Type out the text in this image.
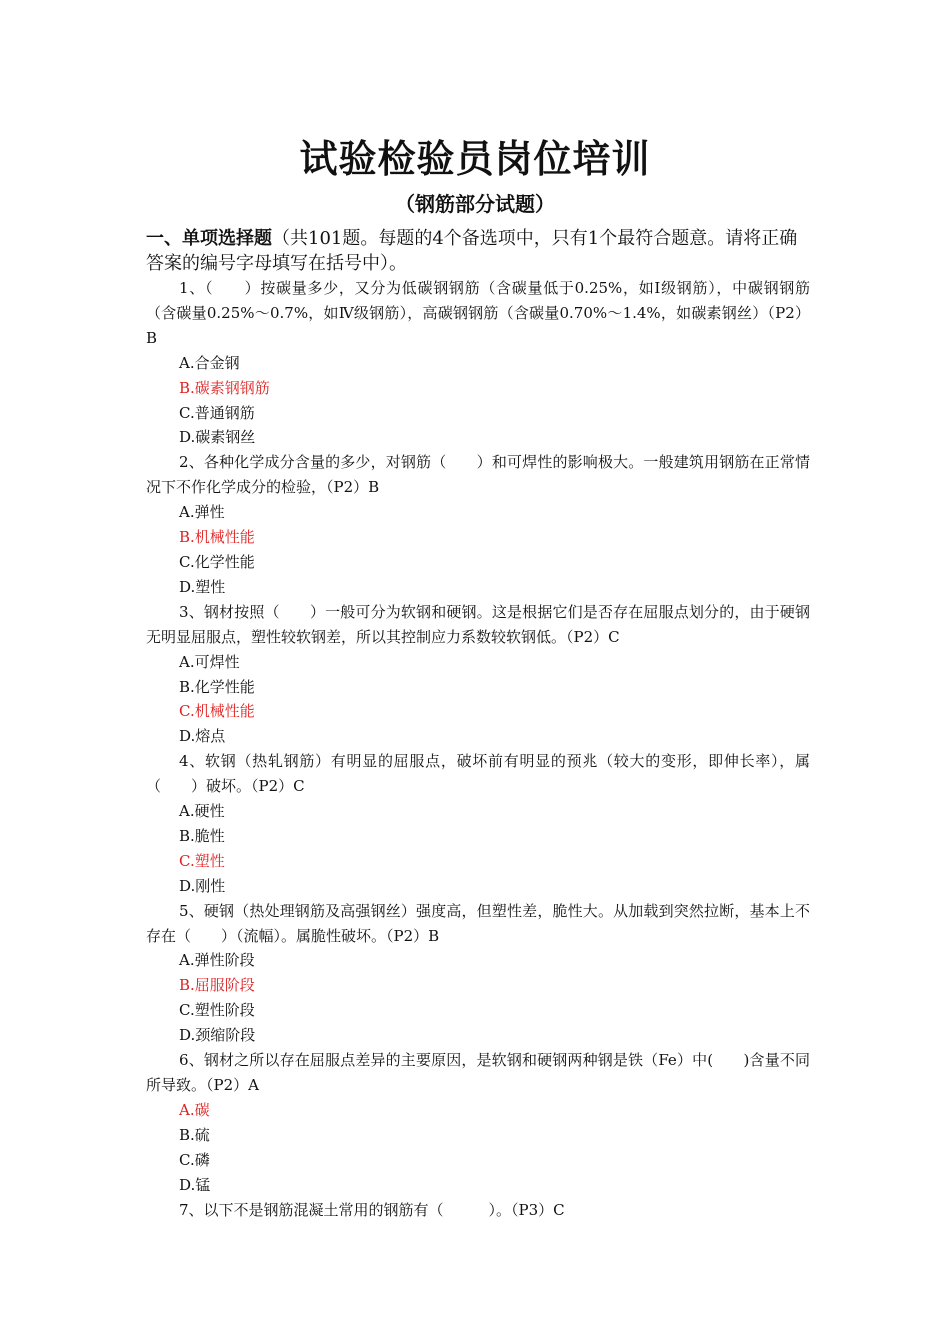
试验检验员岗位培训
（钢筋部分试题）

一、单项选择题（共101题。每题的4个备选项中，只有1个最符合题意。请将正确答案的编号字母填写在括号中）。

1、（　　）按碳量多少，又分为低碳钢钢筋（含碳量低于0.25%，如Ⅰ级钢筋），中碳钢钢筋（含碳量0.25%～0.7%，如Ⅳ级钢筋），高碳钢钢筋（含碳量0.70%～1.4%，如碳素钢丝）（P2）B

A.合金钢

B.碳素钢钢筋

C.普通钢筋

D.碳素钢丝

2、各种化学成分含量的多少，对钢筋（　　）和可焊性的影响极大。一般建筑用钢筋在正常情况下不作化学成分的检验，（P2）B

A.弹性

B.机械性能

C.化学性能

D.塑性

3、钢材按照（　　）一般可分为软钢和硬钢。这是根据它们是否存在屈服点划分的，由于硬钢无明显屈服点，塑性较软钢差，所以其控制应力系数较软钢低。（P2）C

A.可焊性

B.化学性能

C.机械性能

D.熔点

4、软钢（热轧钢筋）有明显的屈服点，破坏前有明显的预兆（较大的变形，即伸长率），属（　　）破坏。（P2）C

A.硬性

B.脆性

C.塑性

D.刚性

5、硬钢（热处理钢筋及高强钢丝）强度高，但塑性差，脆性大。从加载到突然拉断，基本上不存在（　　）（流幅）。属脆性破坏。（P2）B

A.弹性阶段

B.屈服阶段

C.塑性阶段

D.颈缩阶段

6、钢材之所以存在屈服点差异的主要原因，是软钢和硬钢两种钢是铁（Fe）中(　　)含量不同所导致。（P2）A

A.碳

B.硫

C.磷

D.锰

7、以下不是钢筋混凝土常用的钢筋有（　　　）。（P3）C
